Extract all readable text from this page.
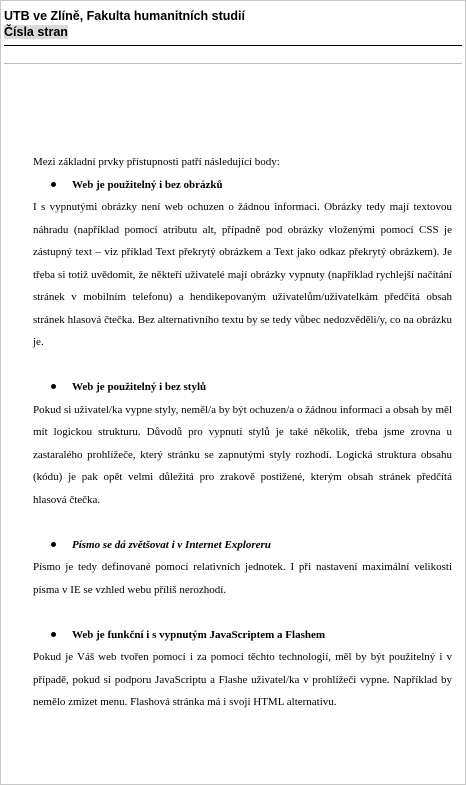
UTB ve Zlíně, Fakulta humanitních studií
Čísla stran

Mezi základní prvky přístupnosti patří následující body:

Web je použitelný i bez obrázků

I s vypnutými obrázky není web ochuzen o žádnou informaci. Obrázky tedy mají textovou náhradu (například pomocí atributu alt, případně pod obrázky vloženými pomocí CSS je zástupný text – viz příklad Text překrytý obrázkem a Text jako odkaz překrytý obrázkem). Je třeba si totiž uvědomit, že někteří uživatelé mají obrázky vypnuty (například rychlejší načítání stránek v mobilním telefonu) a hendikepovaným uživatelům/uživatelkám předčítá obsah stránek hlasová čtečka. Bez alternativního textu by se tedy vůbec nedozvěděli/y, co na obrázku je.

Web je použitelný i bez stylů

Pokud si uživatel/ka vypne styly, neměl/a by být ochuzen/a o žádnou informaci a obsah by měl mít logickou strukturu. Důvodů pro vypnutí stylů je také několik, třeba jsme zrovna u zastaralého prohlížeče, který stránku se zapnutými styly rozhodí. Logická struktura obsahu (kódu) je pak opět velmi důležitá pro zrakově postižené, kterým obsah stránek předčítá hlasová čtečka.

Písmo se dá zvětšovat i v Internet Exploreru

Písmo je tedy definované pomocí relativních jednotek. I při nastavení maximální velikosti písma v IE se vzhled webu příliš nerozhodí.

Web je funkční i s vypnutým JavaScriptem a Flashem

Pokud je Váš web tvořen pomocí i za pomoci těchto technologií, měl by být použitelný i v případě, pokud si podporu JavaScriptu a Flashe uživatel/ka v prohlížeči vypne. Například by nemělo zmizet menu. Flashová stránka má i svoji HTML alternativu.
